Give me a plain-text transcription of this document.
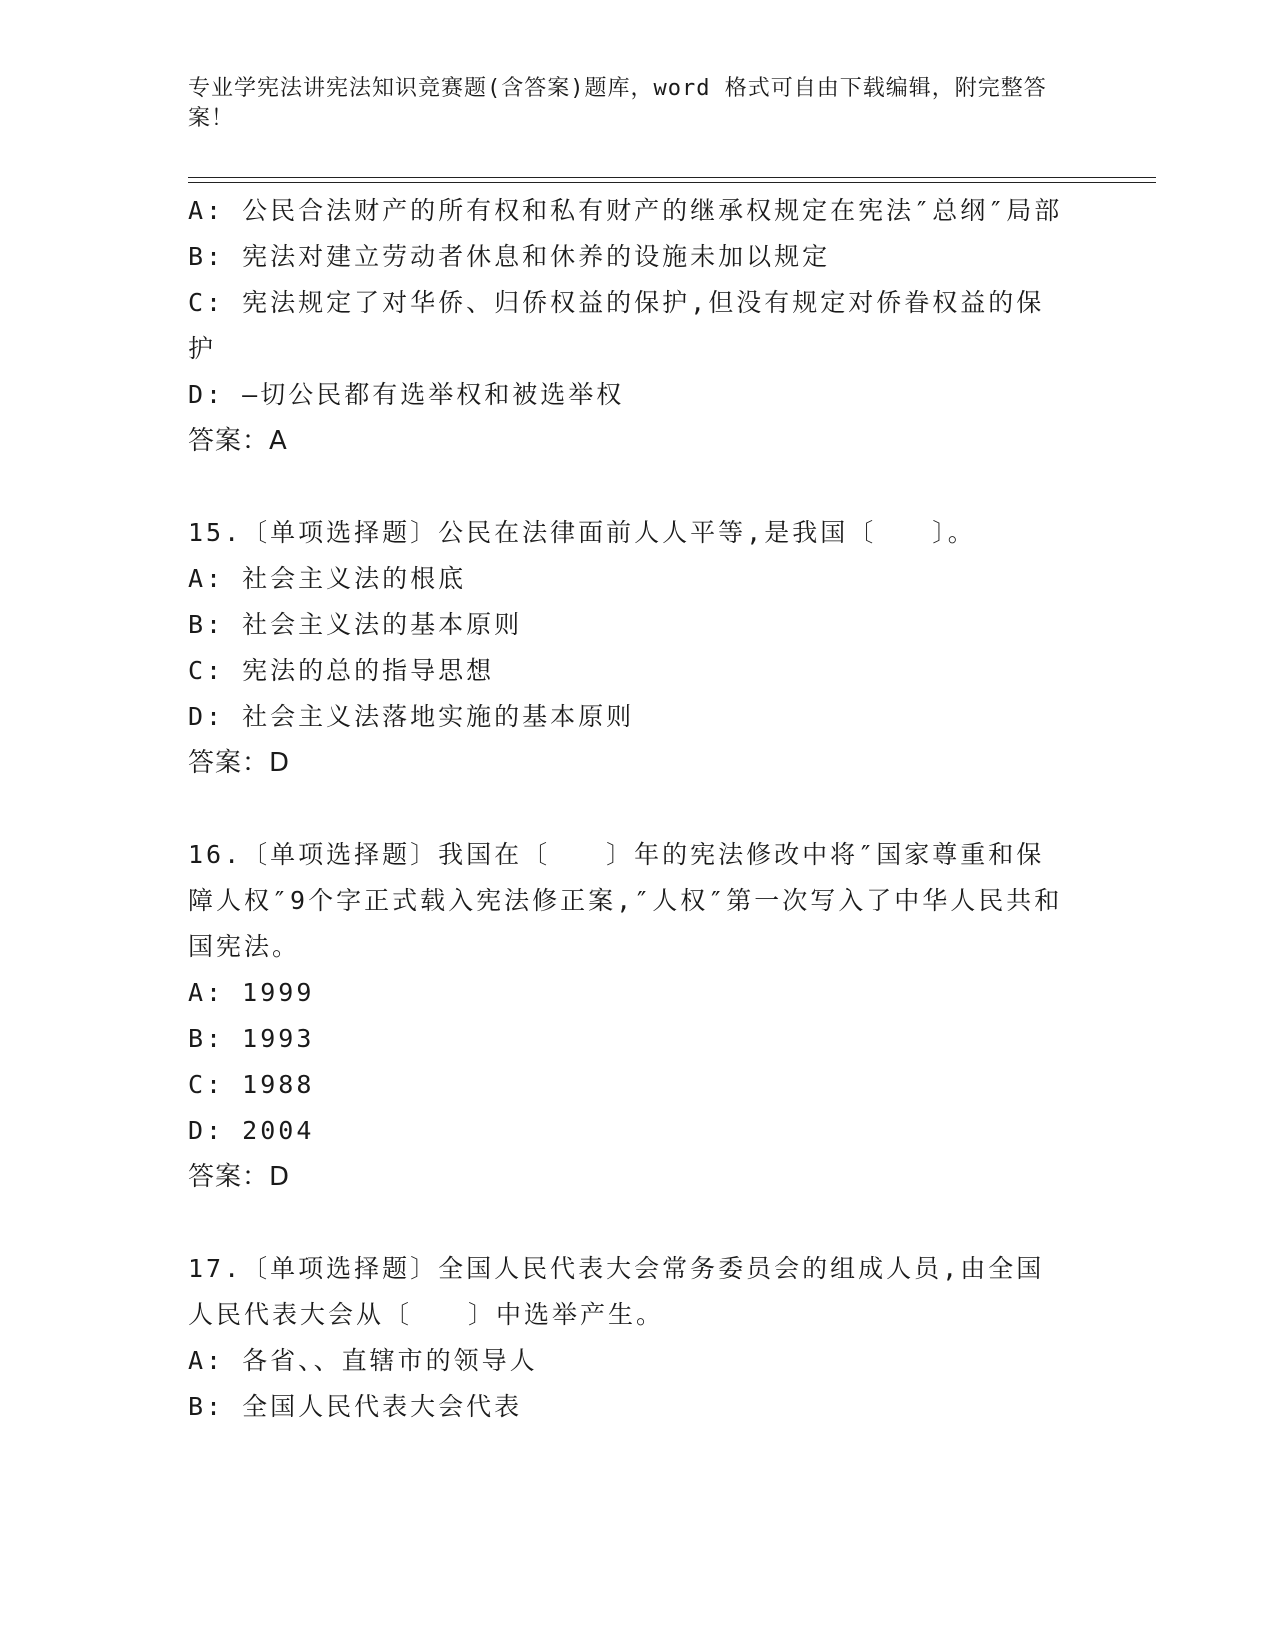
专业学宪法讲宪法知识竞赛题(含答案)题库，word 格式可自由下载编辑，附完整答案！
A: 公民合法财产的所有权和私有财产的继承权规定在宪法″总纲″局部
B: 宪法对建立劳动者休息和休养的设施未加以规定
C: 宪法规定了对华侨、归侨权益的保护,但没有规定对侨眷权益的保护
D: —切公民都有选举权和被选举权
答案：A
15.〔单项选择题〕公民在法律面前人人平等,是我国〔　　〕。
A: 社会主义法的根底
B: 社会主义法的基本原则
C: 宪法的总的指导思想
D: 社会主义法落地实施的基本原则
答案：D
16.〔单项选择题〕我国在〔　　〕年的宪法修改中将″国家尊重和保障人权″9个字正式载入宪法修正案,″人权″第一次写入了中华人民共和国宪法。
A: 1999
B: 1993
C: 1988
D: 2004
答案：D
17.〔单项选择题〕全国人民代表大会常务委员会的组成人员,由全国人民代表大会从〔　　〕中选举产生。
A: 各省、、直辖市的领导人
B: 全国人民代表大会代表
